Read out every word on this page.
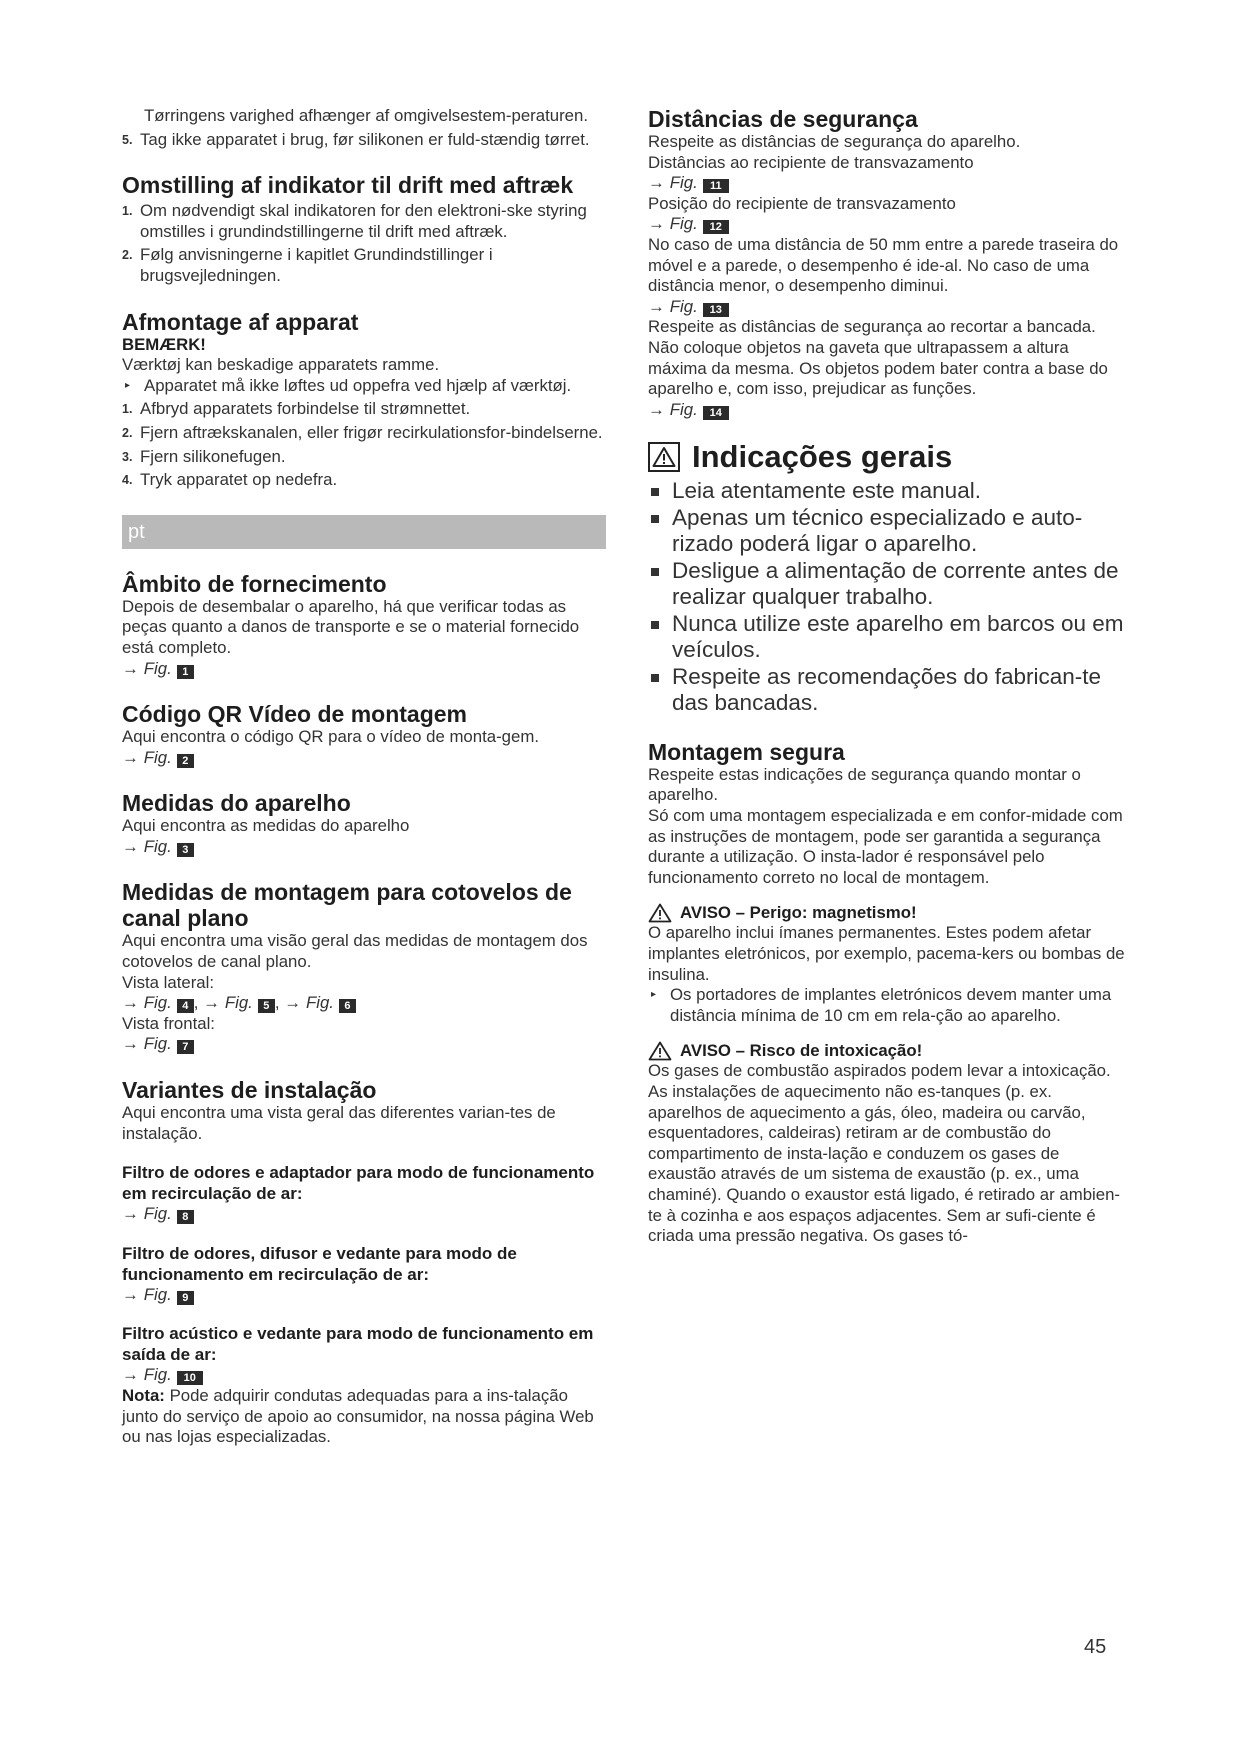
Tørringens varighed afhænger af omgivelsestem-peraturen.

5. Tag ikke apparatet i brug, før silikonen er fuld-stændig tørret.
Omstilling af indikator til drift med aftræk
1. Om nødvendigt skal indikatoren for den elektroni-ske styring omstilles i grundindstillingerne til drift med aftræk.
2. Følg anvisningerne i kapitlet Grundindstillinger i brugsvejledningen.
Afmontage af apparat

BEMÆRK!

Værktøj kan beskadige apparatets ramme.

▸ Apparatet må ikke løftes ud oppefra ved hjælp af værktøj.
1. Afbryd apparatets forbindelse til strømnettet.
2. Fjern aftrækskanalen, eller frigør recirkulationsfor-bindelserne.
3. Fjern silikonefugen.
4. Tryk apparatet op nedefra.
pt
Âmbito de fornecimento

Depois de desembalar o aparelho, há que verificar todas as peças quanto a danos de transporte e se o material fornecido está completo.

→ Fig. 1

Código QR Vídeo de montagem

Aqui encontra o código QR para o vídeo de monta-gem.

→ Fig. 2

Medidas do aparelho

Aqui encontra as medidas do aparelho

→ Fig. 3

Medidas de montagem para cotovelos de canal plano

Aqui encontra uma visão geral das medidas de montagem dos cotovelos de canal plano.

Vista lateral:

→ Fig. 4 , → Fig. 5 , → Fig. 6

Vista frontal:

→ Fig. 7

Variantes de instalação

Aqui encontra uma vista geral das diferentes varian-tes de instalação.

Filtro de odores e adaptador para modo de funcionamento em recirculação de ar:

→ Fig. 8

Filtro de odores, difusor e vedante para modo de funcionamento em recirculação de ar:

→ Fig. 9

Filtro acústico e vedante para modo de funcionamento em saída de ar:

→ Fig. 10

Nota: Pode adquirir condutas adequadas para a ins-talação junto do serviço de apoio ao consumidor, na nossa página Web ou nas lojas especializadas.

Distâncias de segurança

Respeite as distâncias de segurança do aparelho.

Distâncias ao recipiente de transvazamento

→ Fig. 11

Posição do recipiente de transvazamento

→ Fig. 12

No caso de uma distância de 50 mm entre a parede traseira do móvel e a parede, o desempenho é ide-al. No caso de uma distância menor, o desempenho diminui.

→ Fig. 13

Respeite as distâncias de segurança ao recortar a bancada.

Não coloque objetos na gaveta que ultrapassem a altura máxima da mesma. Os objetos podem bater contra a base do aparelho e, com isso, prejudicar as funções.

→ Fig. 14

Indicações gerais
Leia atentamente este manual.
Apenas um técnico especializado e auto-rizado poderá ligar o aparelho.
Desligue a alimentação de corrente antes de realizar qualquer trabalho.
Nunca utilize este aparelho em barcos ou em veículos.
Respeite as recomendações do fabrican-te das bancadas.
Montagem segura

Respeite estas indicações de segurança quando montar o aparelho.

Só com uma montagem especializada e em confor-midade com as instruções de montagem, pode ser garantida a segurança durante a utilização. O insta-lador é responsável pelo funcionamento correto no local de montagem.

AVISO – Perigo: magnetismo!

O aparelho inclui ímanes permanentes. Estes podem afetar implantes eletrónicos, por exemplo, pacema-kers ou bombas de insulina.

▸ Os portadores de implantes eletrónicos devem manter uma distância mínima de 10 cm em rela-ção ao aparelho.
AVISO – Risco de intoxicação!

Os gases de combustão aspirados podem levar a intoxicação. As instalações de aquecimento não es-tanques (p. ex. aparelhos de aquecimento a gás, óleo, madeira ou carvão, esquentadores, caldeiras) retiram ar de combustão do compartimento de insta-lação e conduzem os gases de exaustão através de um sistema de exaustão (p. ex., uma chaminé). Quando o exaustor está ligado, é retirado ar ambien-te à cozinha e aos espaços adjacentes. Sem ar sufi-ciente é criada uma pressão negativa. Os gases tó-

45
